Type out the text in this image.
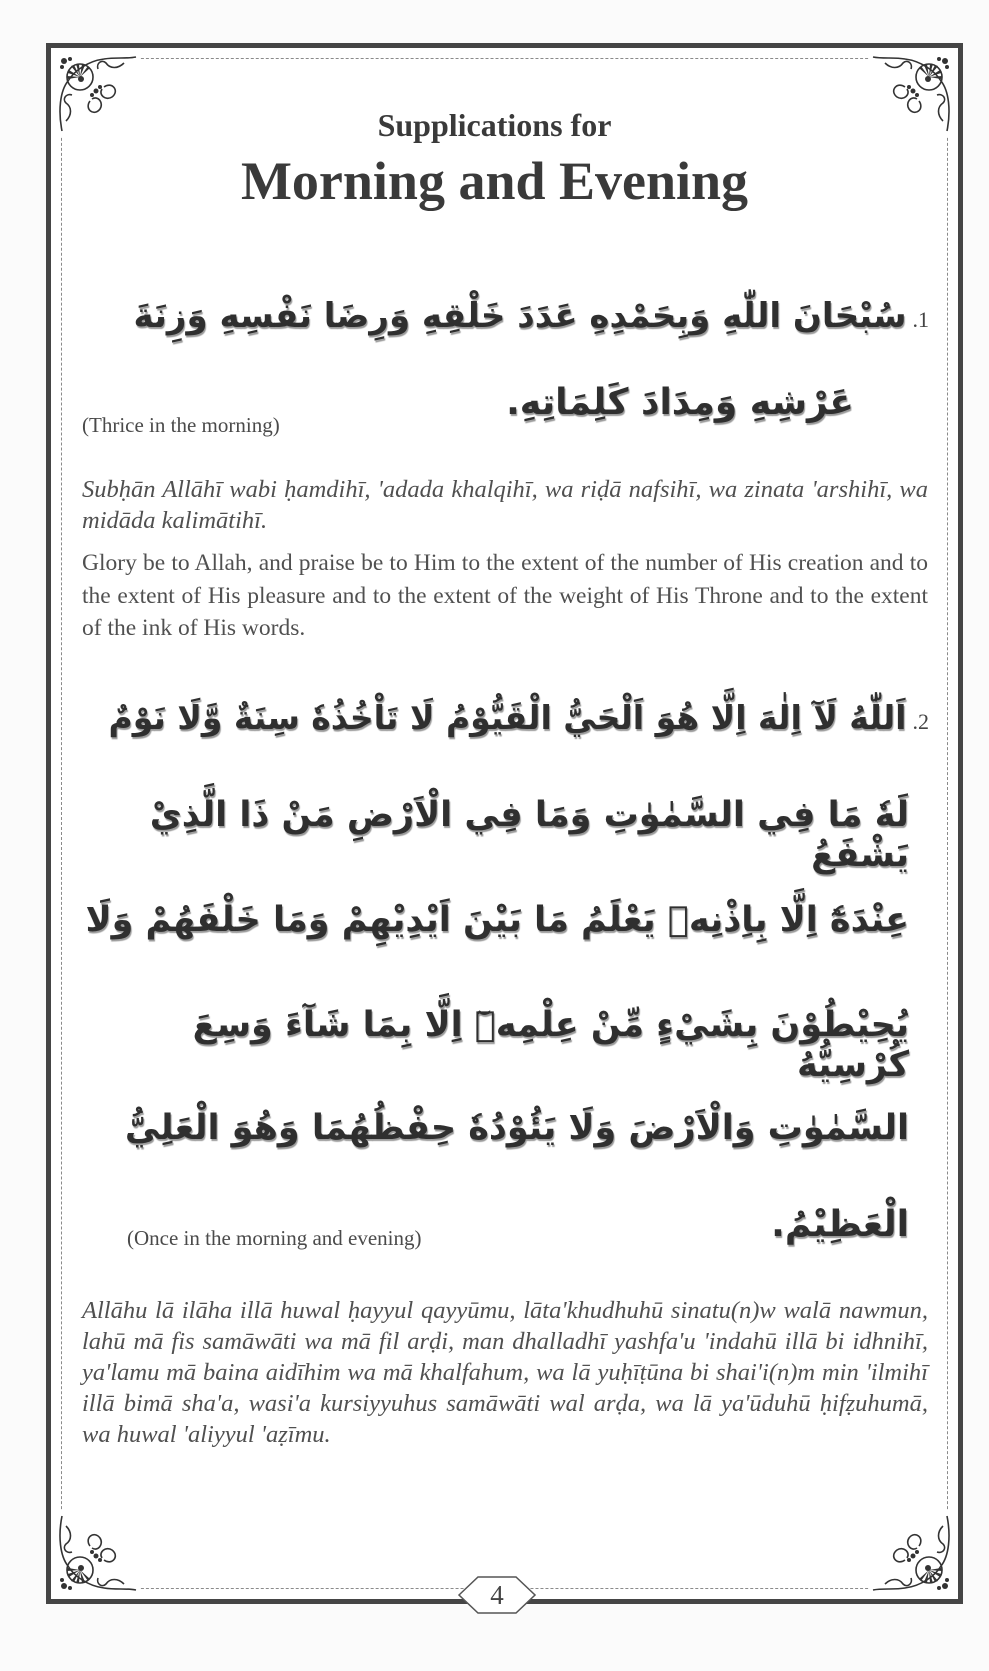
Supplications for
Morning and Evening
1.سُبْحَانَ اللّٰهِ وَبِحَمْدِهِ عَدَدَ خَلْقِهِ وَرِضَا نَفْسِهِ وَزِنَةَ
عَرْشِهِ وَمِدَادَ كَلِمَاتِهِ.
(Thrice in the morning)
Subḥān Allāhī wabi ḥamdihī, 'adada khalqihī, wa riḍā nafsihī, wa zinata 'arshihī, wa midāda kalimātihī.
Glory be to Allah, and praise be to Him to the extent of the number of His creation and to the extent of His pleasure and to the extent of the weight of His Throne and to the extent of the ink of His words.
2.اَللّٰهُ لَآ اِلٰهَ اِلَّا هُوَ اَلْحَيُّ الْقَيُّوْمُ لَا تَاْخُذُهٗ سِنَةٌ وَّلَا نَوْمٌ
لَهٗ مَا فِي السَّمٰوٰتِ وَمَا فِي الْاَرْضِ مَنْ ذَا الَّذِيْ يَشْفَعُ
عِنْدَهٗٓ اِلَّا بِاِذْنِهٖ يَعْلَمُ مَا بَيْنَ اَيْدِيْهِمْ وَمَا خَلْفَهُمْ وَلَا
يُحِيْطُوْنَ بِشَيْءٍ مِّنْ عِلْمِهٖٓ اِلَّا بِمَا شَآءَ وَسِعَ كُرْسِيُّهُ
السَّمٰوٰتِ وَالْاَرْضَ وَلَا يَئُوْدُهٗ حِفْظُهُمَا وَهُوَ الْعَلِيُّ
الْعَظِيْمُ.
(Once in the morning and evening)
Allāhu lā ilāha illā huwal ḥayyul qayyūmu, lāta'khudhuhū sinatu(n)w walā nawmun, lahū mā fis samāwāti wa mā fil arḍi, man dhalladhī yashfa'u 'indahū illā bi idhnihī, ya'lamu mā baina aidīhim wa mā khalfahum, wa lā yuḥīṭūna bi shai'i(n)m min 'ilmihī illā bimā sha'a, wasi'a kursiyyuhus samāwāti wal arḍa, wa lā ya'ūduhū ḥifẓuhumā, wa huwal 'aliyyul 'aẓīmu.
4
